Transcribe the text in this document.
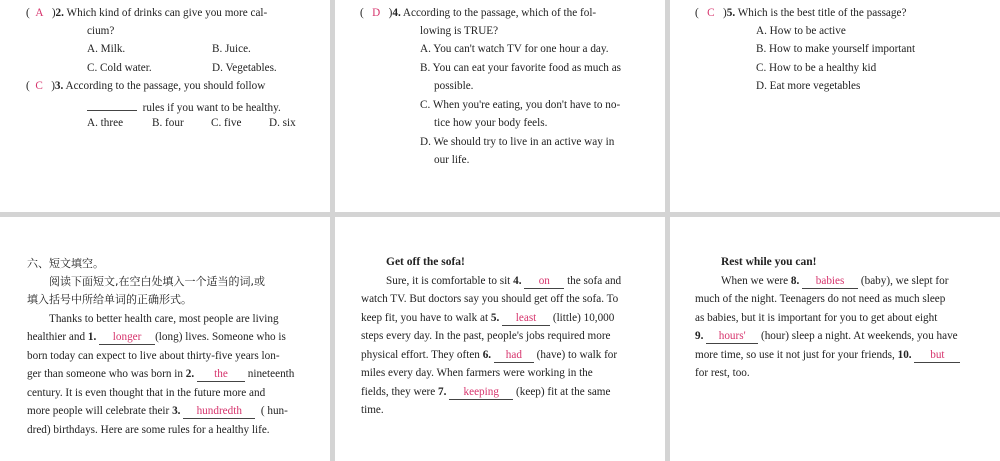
( A )2. Which kind of drinks can give you more cal-
cium?
A. Milk.	B. Juice.
C. Cold water.	D. Vegetables.
( C )3. According to the passage, you should follow
rules if you want to be healthy.
A. three	B. four C. five D. six
( D )4. According to the passage, which of the fol-
lowing is TRUE?
A. You can't watch TV for one hour a day.
B. You can eat your favorite food as much as
possible.
C. When you're eating, you don't have to no-
tice how your body feels.
D. We should try to live in an active way in
our life.
( C )5. Which is the best title of the passage?
A. How to be active
B. How to make yourself important
C. How to be a healthy kid
D. Eat more vegetables
六、短文填空。
阅读下面短文,在空白处填入一个适当的词,或
填入括号中所给单词的正确形式。
Thanks to better health care, most people are living
healthier and 1. longer (long) lives. Someone who is
born today can expect to live about thirty-five years lon-
ger than someone who was born in 2. the nineteenth
century. It is even thought that in the future more and
more people will celebrate their 3. hundredth ( hun-
dred) birthdays. Here are some rules for a healthy life.
Get off the sofa!
Sure, it is comfortable to sit 4. on the sofa and
watch TV. But doctors say you should get off the sofa. To
keep fit, you have to walk at 5. least (little) 10,000
steps every day. In the past, people's jobs required more
physical effort. They often 6. had (have) to walk for
miles every day. When farmers were working in the
fields, they were 7. keeping (keep) fit at the same
time.
Rest while you can!
When we were 8. babies (baby), we slept for
much of the night. Teenagers do not need as much sleep
as babies, but it is important for you to get about eight
9. hours' (hour) sleep a night. At weekends, you have
more time, so use it not just for your friends, 10. but
for rest, too.
